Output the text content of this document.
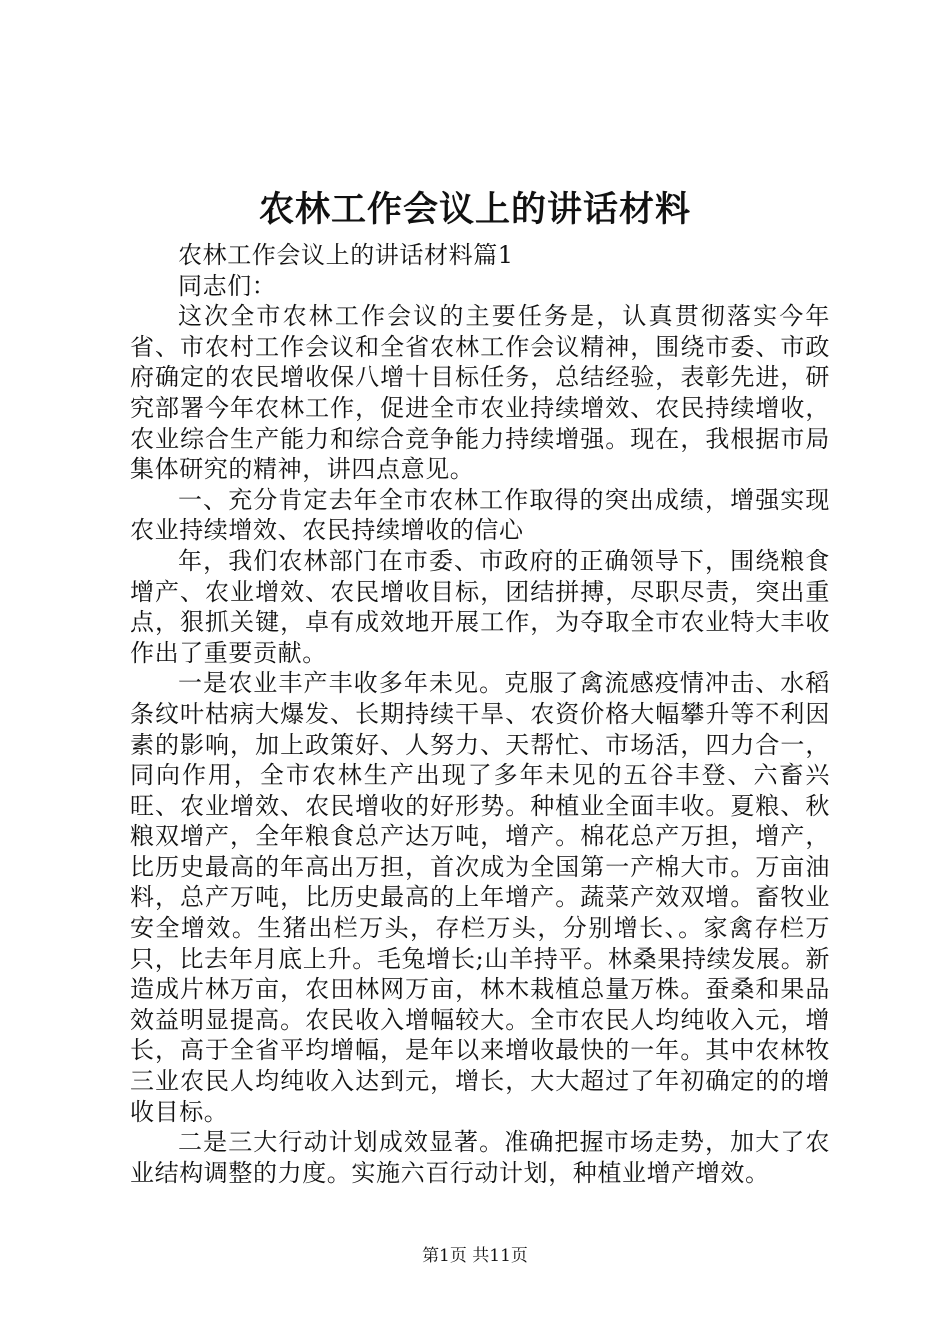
农林工作会议上的讲话材料

农林工作会议上的讲话材料篇1

同志们：

这次全市农林工作会议的主要任务是，认真贯彻落实今年省、市农村工作会议和全省农林工作会议精神，围绕市委、市政府确定的农民增收保八增十目标任务，总结经验，表彰先进，研究部署今年农林工作，促进全市农业持续增效、农民持续增收，农业综合生产能力和综合竞争能力持续增强。现在，我根据市局集体研究的精神，讲四点意见。

一、充分肯定去年全市农林工作取得的突出成绩，增强实现农业持续增效、农民持续增收的信心

年，我们农林部门在市委、市政府的正确领导下，围绕粮食增产、农业增效、农民增收目标，团结拼搏，尽职尽责，突出重点，狠抓关键，卓有成效地开展工作，为夺取全市农业特大丰收作出了重要贡献。

一是农业丰产丰收多年未见。克服了禽流感疫情冲击、水稻条纹叶枯病大爆发、长期持续干旱、农资价格大幅攀升等不利因素的影响，加上政策好、人努力、天帮忙、市场活，四力合一，同向作用，全市农林生产出现了多年未见的五谷丰登、六畜兴旺、农业增效、农民增收的好形势。种植业全面丰收。夏粮、秋粮双增产，全年粮食总产达万吨，增产。棉花总产万担，增产，比历史最高的年高出万担，首次成为全国第一产棉大市。万亩油料，总产万吨，比历史最高的上年增产。蔬菜产效双增。畜牧业安全增效。生猪出栏万头，存栏万头，分别增长、。家禽存栏万只，比去年月底上升。毛兔增长;山羊持平。林桑果持续发展。新造成片林万亩，农田林网万亩，林木栽植总量万株。蚕桑和果品效益明显提高。农民收入增幅较大。全市农民人均纯收入元，增长，高于全省平均增幅，是年以来增收最快的一年。其中农林牧三业农民人均纯收入达到元，增长，大大超过了年初确定的的增收目标。

二是三大行动计划成效显著。准确把握市场走势，加大了农业结构调整的力度。实施六百行动计划，种植业增产增效。

第1页 共11页
